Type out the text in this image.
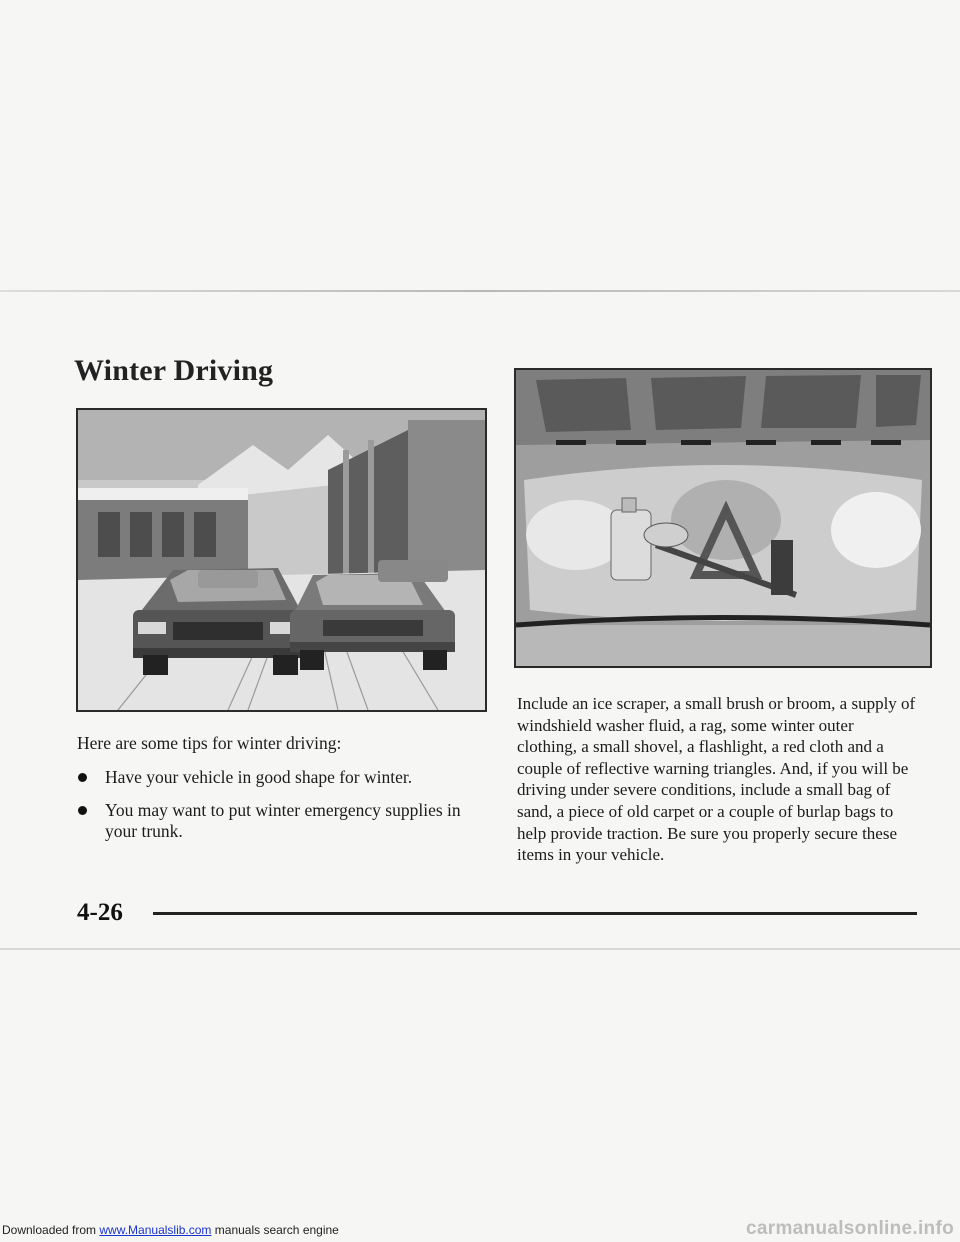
Winter Driving

Here are some tips for winter driving:

Have your vehicle in good shape for winter.
You may want to put winter emergency supplies in your trunk.

Include an ice scraper, a small brush or broom, a supply of windshield washer fluid, a rag, some winter outer clothing, a small shovel, a flashlight, a red cloth and a couple of reflective warning triangles. And, if you will be driving under severe conditions, include a small bag of sand, a piece of old carpet or a couple of burlap bags to help provide traction. Be sure you properly secure these items in your vehicle.

4-26
Downloaded from www.Manualslib.com manuals search engine	carmanualsonline.info
